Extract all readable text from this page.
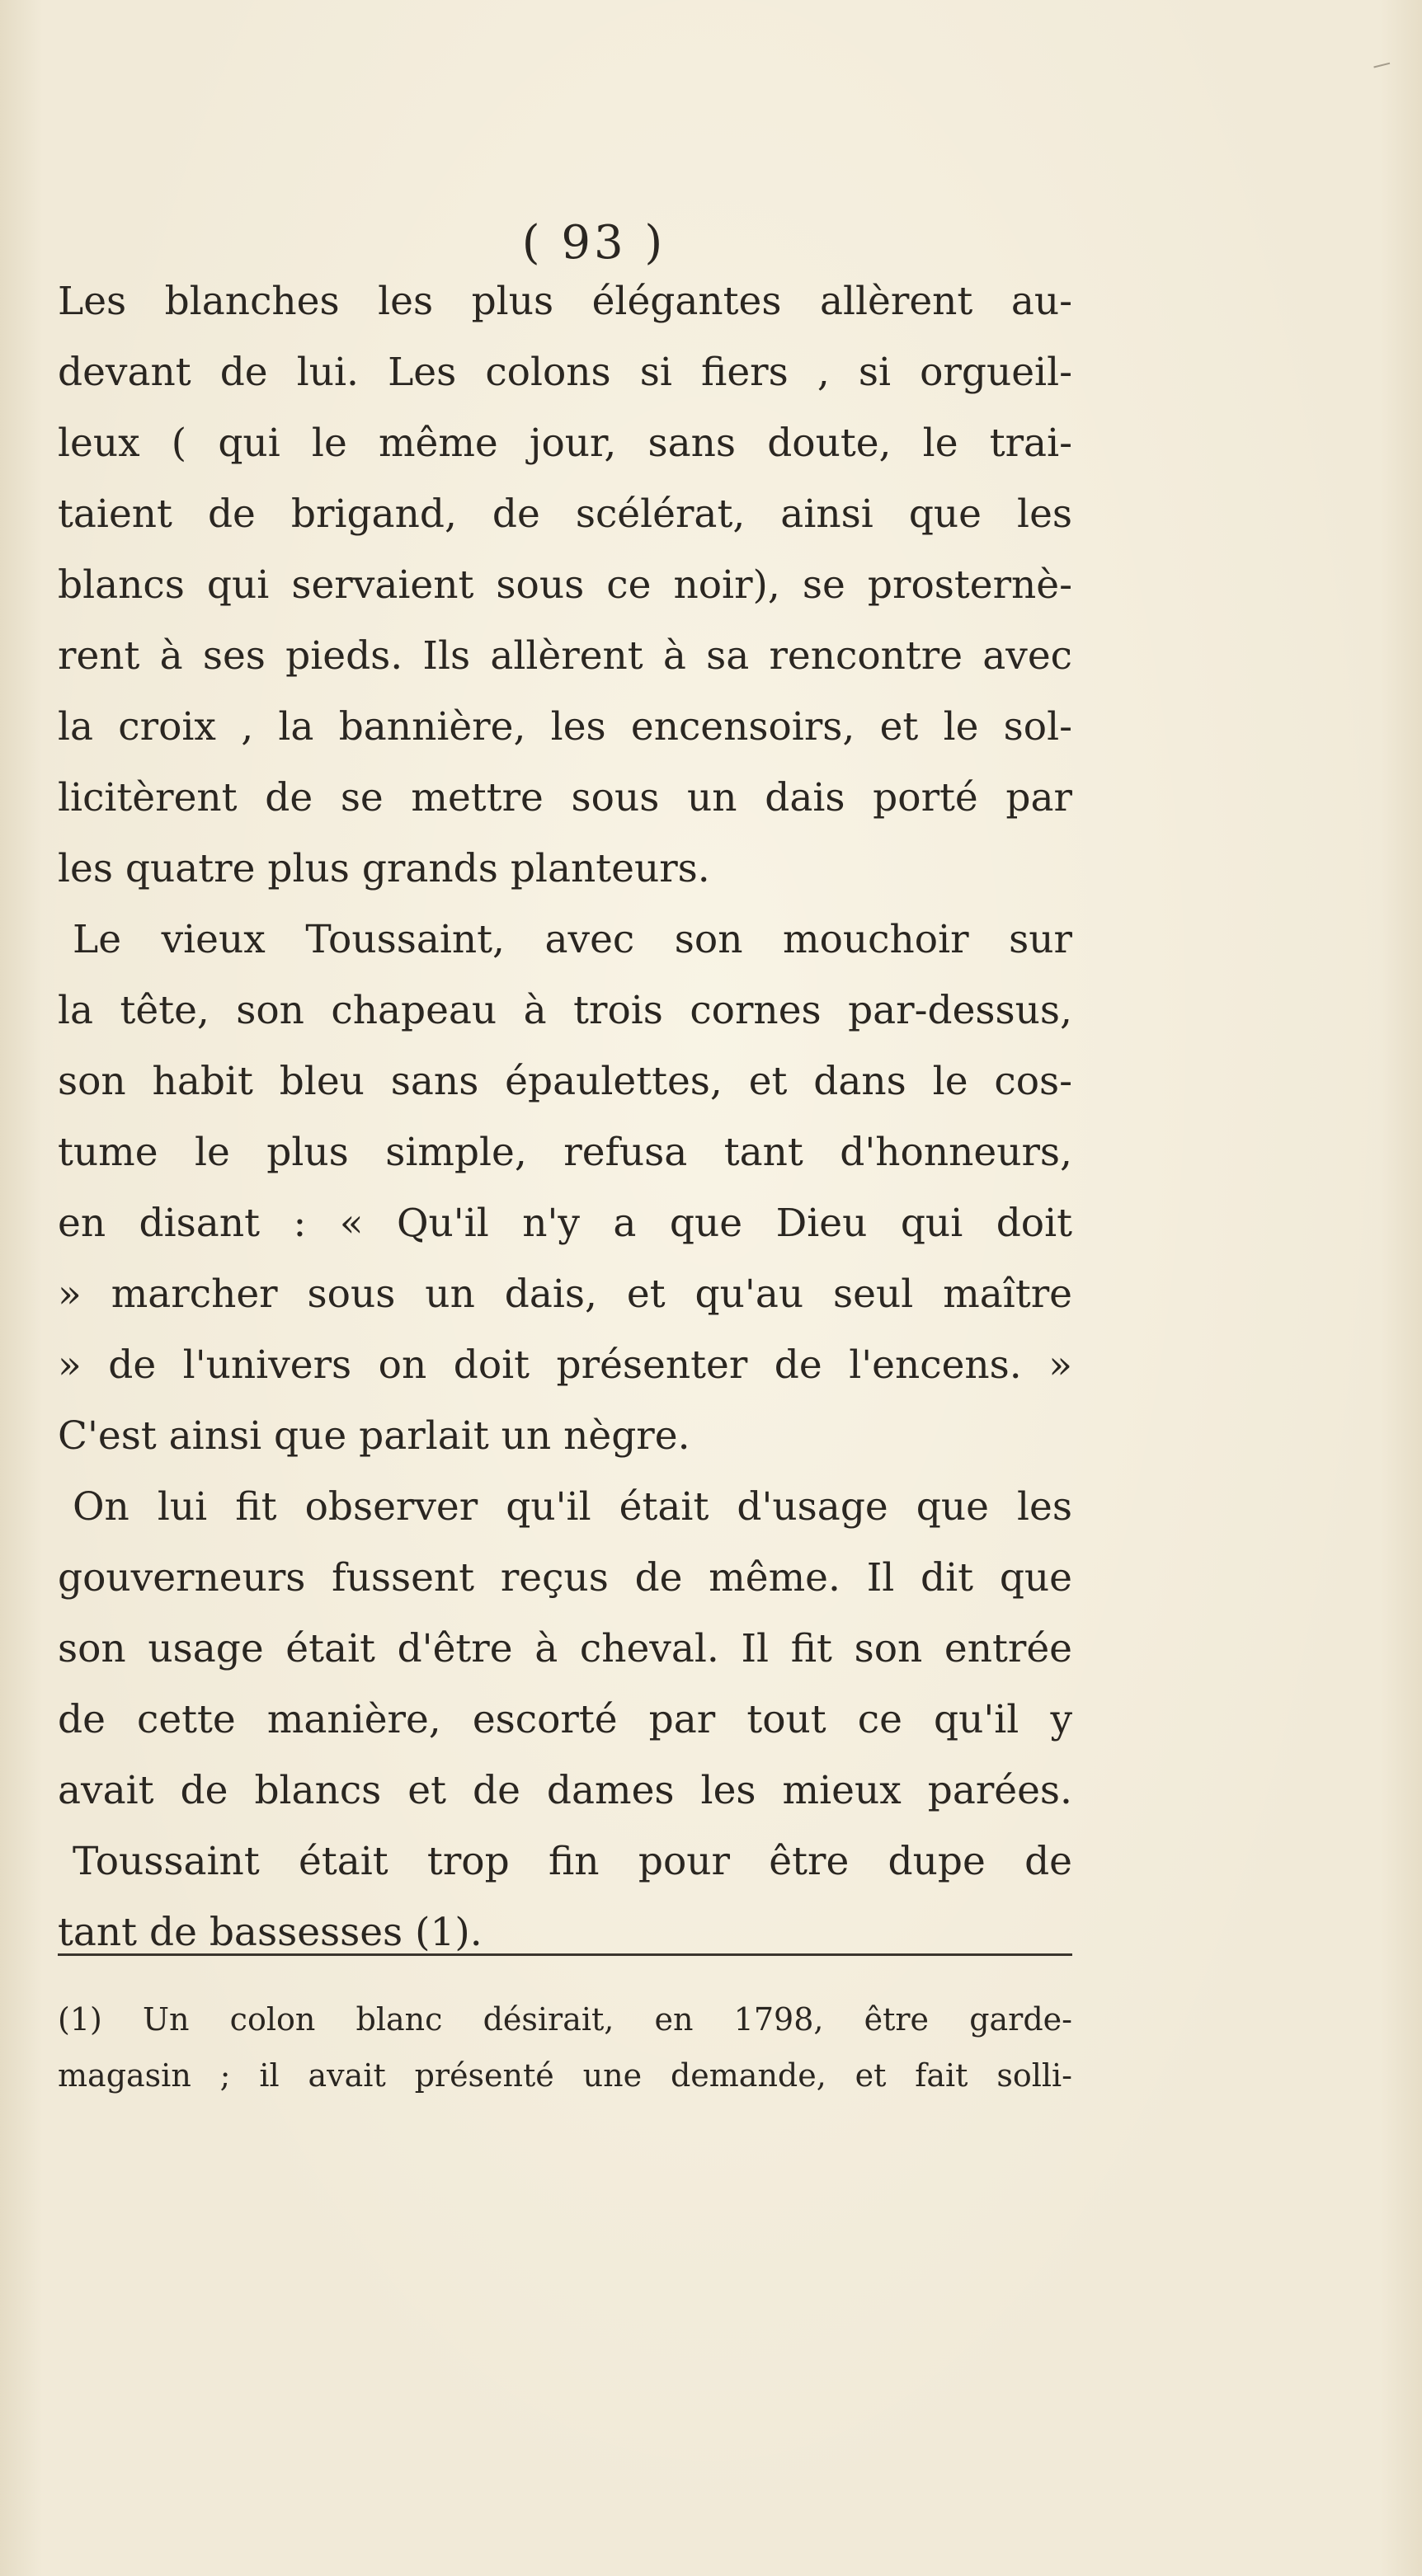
( 93 )
Les blanches les plus élégantes allèrent au-
devant de lui. Les colons si fiers , si orgueil-
leux ( qui le même jour, sans doute, le trai-
taient de brigand, de scélérat, ainsi que les
blancs qui servaient sous ce noir), se prosternè-
rent à ses pieds. Ils allèrent à sa rencontre avec
la croix , la bannière, les encensoirs, et le sol-
licitèrent de se mettre sous un dais porté par
les quatre plus grands planteurs.
Le vieux Toussaint, avec son mouchoir sur
la tête, son chapeau à trois cornes par-dessus,
son habit bleu sans épaulettes, et dans le cos-
tume le plus simple, refusa tant d'honneurs,
en disant : « Qu'il n'y a que Dieu qui doit
» marcher sous un dais, et qu'au seul maître
» de l'univers on doit présenter de l'encens. »
C'est ainsi que parlait un nègre.
On lui fit observer qu'il était d'usage que les
gouverneurs fussent reçus de même. Il dit que
son usage était d'être à cheval. Il fit son entrée
de cette manière, escorté par tout ce qu'il y
avait de blancs et de dames les mieux parées.
Toussaint était trop fin pour être dupe de
tant de bassesses (1).
(1) Un colon blanc désirait, en 1798, être garde-
magasin ; il avait présenté une demande, et fait solli-
